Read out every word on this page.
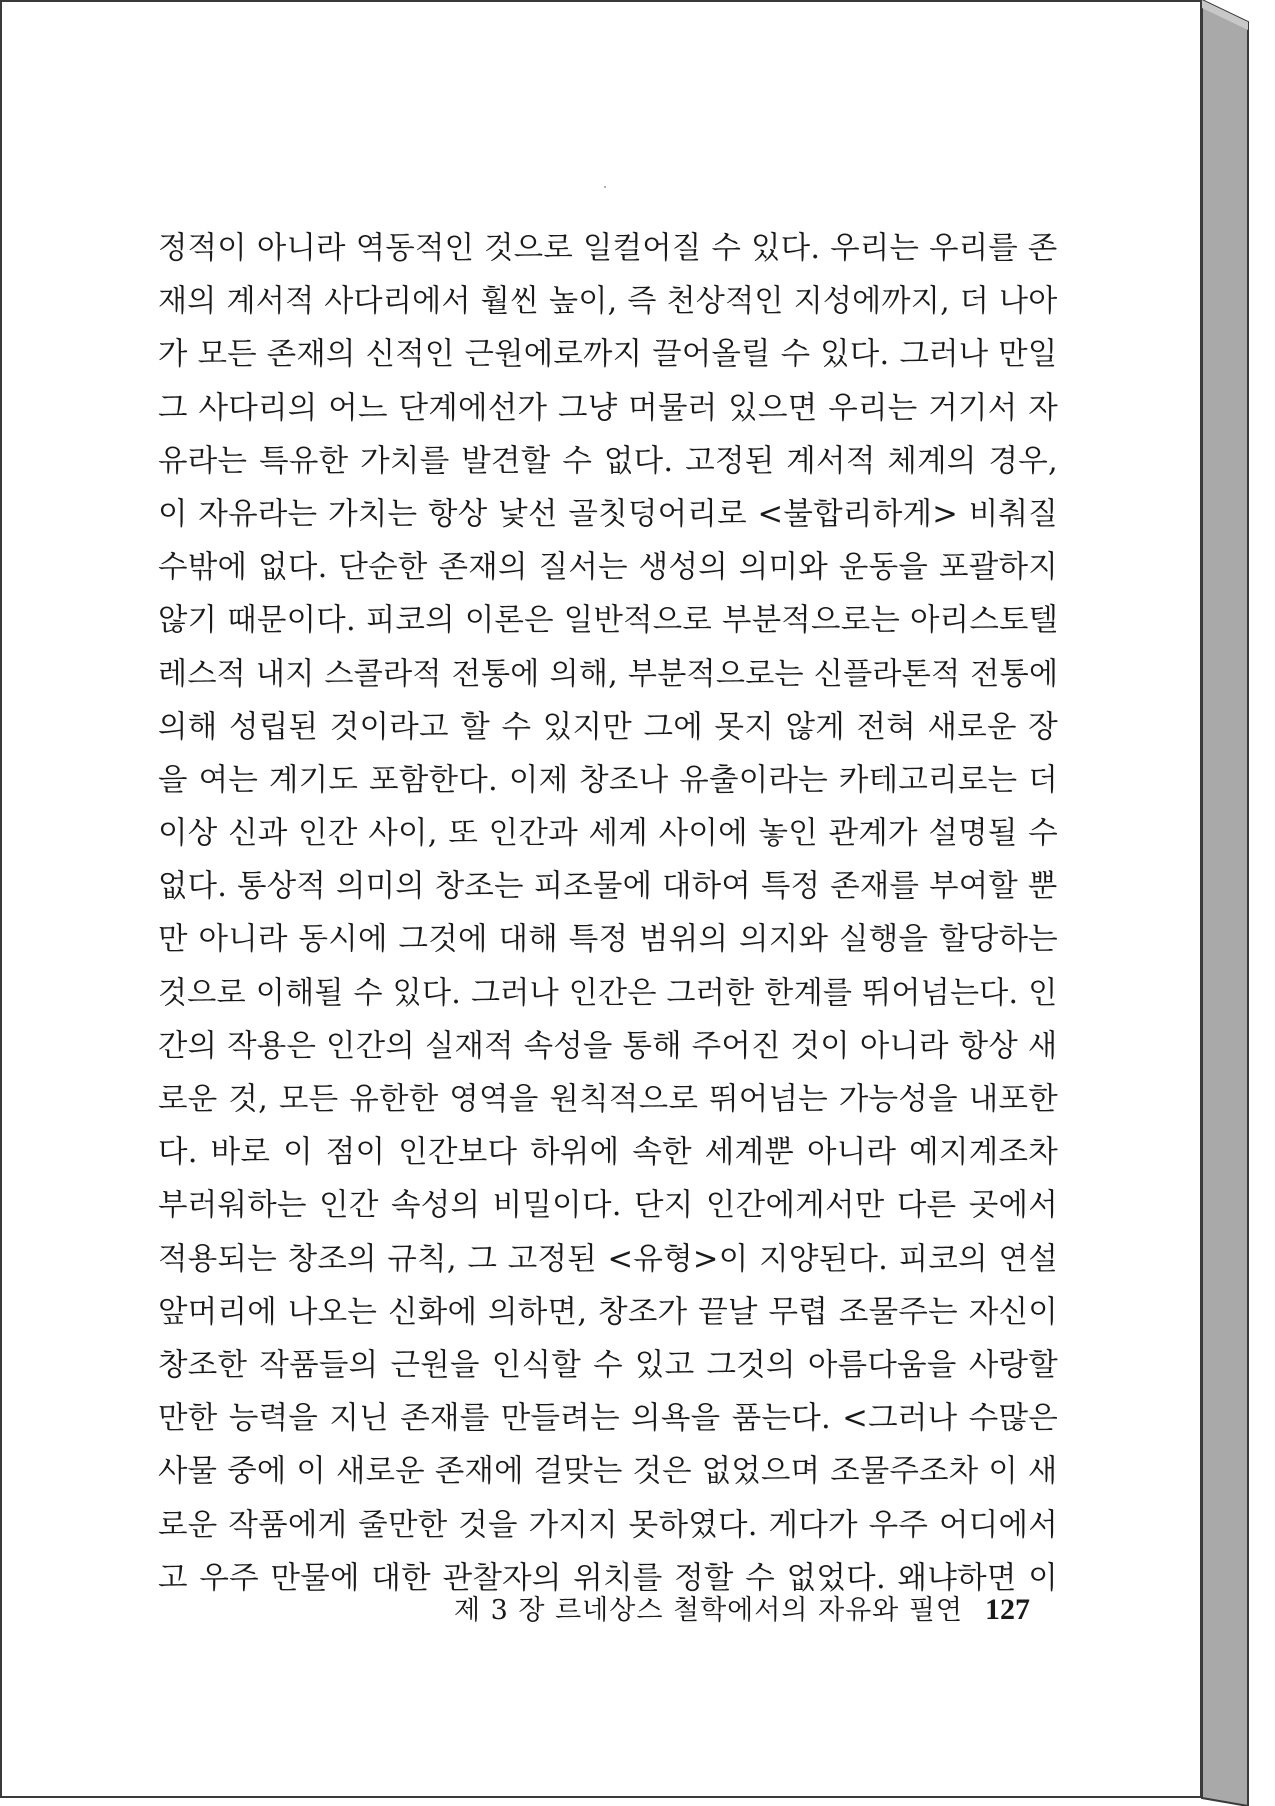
정적이 아니라 역동적인 것으로 일컬어질 수 있다. 우리는 우리를 존
재의 계서적 사다리에서 훨씬 높이, 즉 천상적인 지성에까지, 더 나아
가 모든 존재의 신적인 근원에로까지 끌어올릴 수 있다. 그러나 만일
그 사다리의 어느 단계에선가 그냥 머물러 있으면 우리는 거기서 자
유라는 특유한 가치를 발견할 수 없다. 고정된 계서적 체계의 경우,
이 자유라는 가치는 항상 낯선 골칫덩어리로 <불합리하게> 비춰질
수밖에 없다. 단순한 존재의 질서는 생성의 의미와 운동을 포괄하지
않기 때문이다. 피코의 이론은 일반적으로 부분적으로는 아리스토텔
레스적 내지 스콜라적 전통에 의해, 부분적으로는 신플라톤적 전통에
의해 성립된 것이라고 할 수 있지만 그에 못지 않게 전혀 새로운 장
을 여는 계기도 포함한다. 이제 창조나 유출이라는 카테고리로는 더
이상 신과 인간 사이, 또 인간과 세계 사이에 놓인 관계가 설명될 수
없다. 통상적 의미의 창조는 피조물에 대하여 특정 존재를 부여할 뿐
만 아니라 동시에 그것에 대해 특정 범위의 의지와 실행을 할당하는
것으로 이해될 수 있다. 그러나 인간은 그러한 한계를 뛰어넘는다. 인
간의 작용은 인간의 실재적 속성을 통해 주어진 것이 아니라 항상 새
로운 것, 모든 유한한 영역을 원칙적으로 뛰어넘는 가능성을 내포한
다. 바로 이 점이 인간보다 하위에 속한 세계뿐 아니라 예지계조차
부러워하는 인간 속성의 비밀이다. 단지 인간에게서만 다른 곳에서
적용되는 창조의 규칙, 그 고정된 <유형>이 지양된다. 피코의 연설
앞머리에 나오는 신화에 의하면, 창조가 끝날 무렵 조물주는 자신이
창조한 작품들의 근원을 인식할 수 있고 그것의 아름다움을 사랑할
만한 능력을 지닌 존재를 만들려는 의욕을 품는다. <그러나 수많은
사물 중에 이 새로운 존재에 걸맞는 것은 없었으며 조물주조차 이 새
로운 작품에게 줄만한 것을 가지지 못하였다. 게다가 우주 어디에서
고 우주 만물에 대한 관찰자의 위치를 정할 수 없었다. 왜냐하면 이
제 3 장 르네상스 철학에서의 자유와 필연 127
